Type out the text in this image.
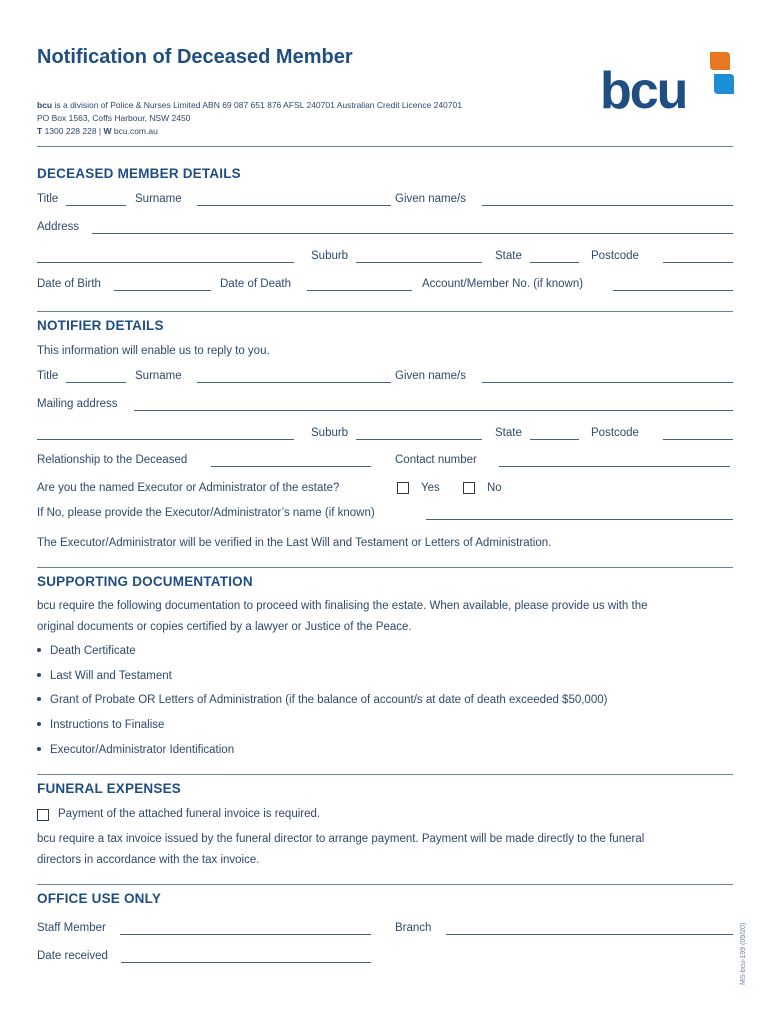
Notification of Deceased Member
bcu
bcu is a division of Police & Nurses Limited ABN 69 087 651 876 AFSL 240701 Australian Credit Licence 240701
PO Box 1563, Coffs Harbour, NSW 2450
T 1300 228 228 | W bcu.com.au
DECEASED MEMBER DETAILS
Title	Surname	Given name/s
Address
Suburb	State	Postcode
Date of Birth	Date of Death	Account/Member No. (if known)
NOTIFIER DETAILS
This information will enable us to reply to you.
Title	Surname	Given name/s
Mailing address
Suburb	State	Postcode
Relationship to the Deceased	Contact number
Are you the named Executor or Administrator of the estate?	Yes	No
If No, please provide the Executor/Administrator’s name (if known)
The Executor/Administrator will be verified in the Last Will and Testament or Letters of Administration.
SUPPORTING DOCUMENTATION
bcu require the following documentation to proceed with finalising the estate. When available, please provide us with the
original documents or copies certified by a lawyer or Justice of the Peace.
Death Certificate
Last Will and Testament
Grant of Probate OR Letters of Administration (if the balance of account/s at date of death exceeded $50,000)
Instructions to Finalise
Executor/Administrator Identification
FUNERAL EXPENSES
Payment of the attached funeral invoice is required.
bcu require a tax invoice issued by the funeral director to arrange payment. Payment will be made directly to the funeral
directors in accordance with the tax invoice.
OFFICE USE ONLY
Staff Member	Branch
Date received	MS-bcu-199 (09/20)
